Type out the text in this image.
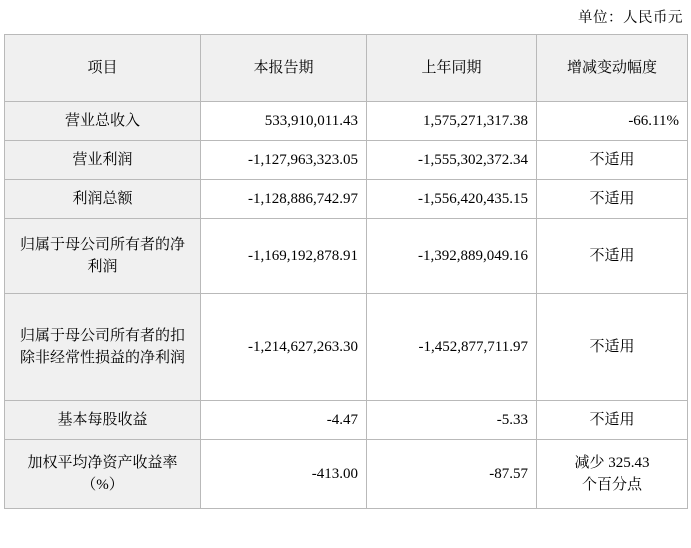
单位：人民币元
项目	本报告期	上年同期	增减变动幅度
营业总收入	533,910,011.43	1,575,271,317.38	-66.11%
营业利润	-1,127,963,323.05	-1,555,302,372.34	不适用
利润总额	-1,128,886,742.97	-1,556,420,435.15	不适用
归属于母公司所有者的净利润	-1,169,192,878.91	-1,392,889,049.16	不适用
归属于母公司所有者的扣除非经常性损益的净利润	-1,214,627,263.30	-1,452,877,711.97	不适用
基本每股收益	-4.47	-5.33	不适用
加权平均净资产收益率（%）	-413.00	-87.57	减少 325.43
个百分点
